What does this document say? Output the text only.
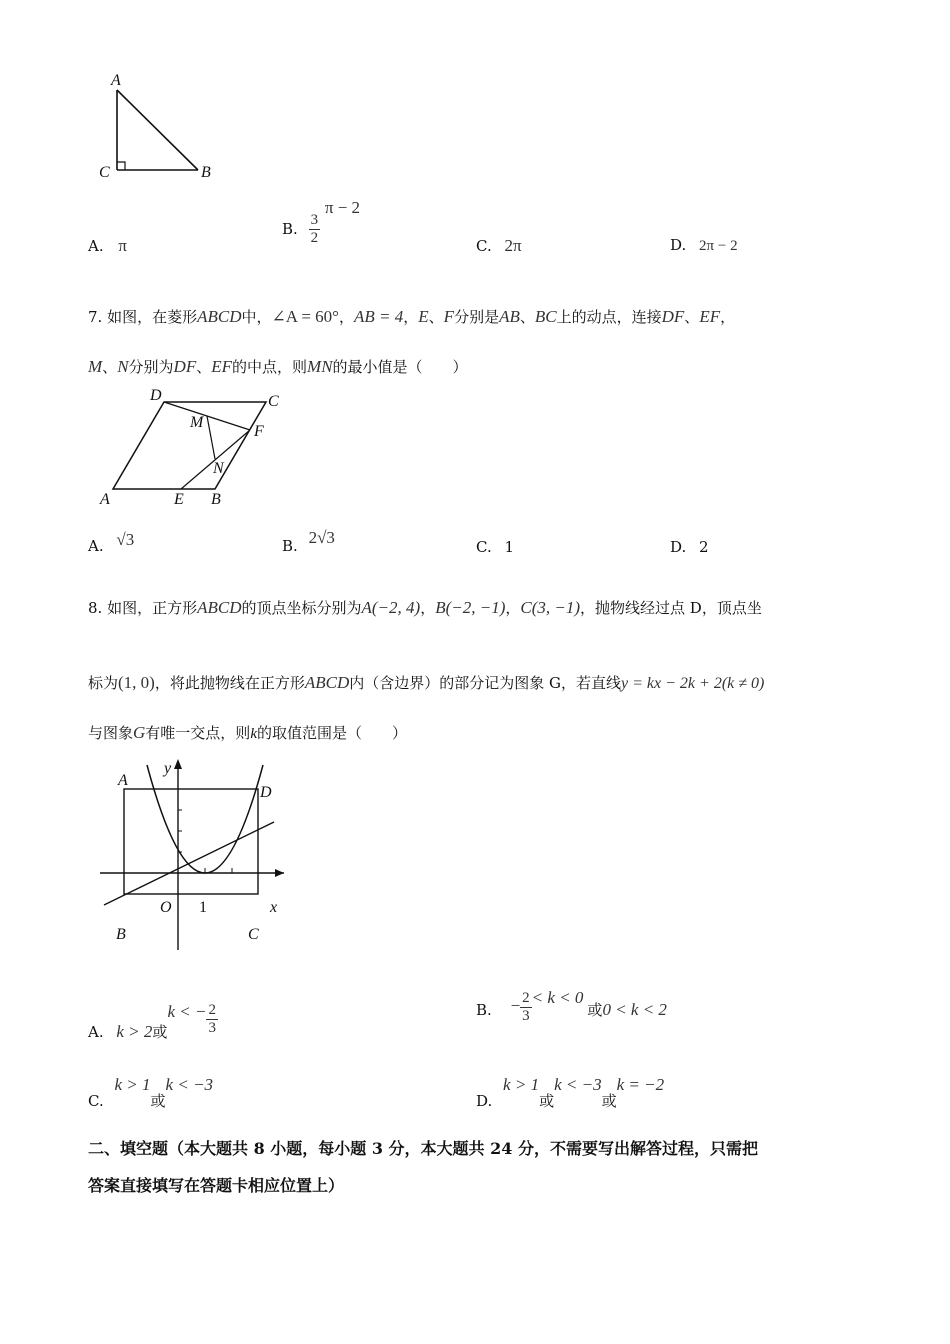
A
C	B
A. π
B. $\frac{3}{2}$
π − 2
C. 2π	D. 2π − 2
7. 如图，在菱形ABCD中，∠A = 60°，AB = 4，E、F分别是AB、BC上的动点，连接DF、EF，
M、N分别为DF、EF的中点，则MN的最小值是（　　）
D	C
M
F
N
A	E B
A. √3	B. 2√3	C. 1	D. 2
8. 如图，正方形ABCD的顶点坐标分别为A(−2, 4)，B(−2, −1)，C(3, −1)，抛物线经过点 D，顶点坐
标为(1, 0)，将此抛物线在正方形ABCD内（含边界）的部分记为图象 G，若直线y = kx − 2k + 2(k ≠ 0)
与图象G有唯一交点，则k的取值范围是（　　）
A
y
D
O 1	x
B	C
A. k > 2或k < − $\frac{2}{3}$	B. − $\frac{2}{3} < k < 0$或0 < k < 2
C. k > 1或k < −3
D. k > 1或k < −3或k = −2
二、填空题（本大题共 8 小题，每小题 3 分，本大题共 24 分，不需要写出解答过程，只需把
答案直接填写在答题卡相应位置上）
